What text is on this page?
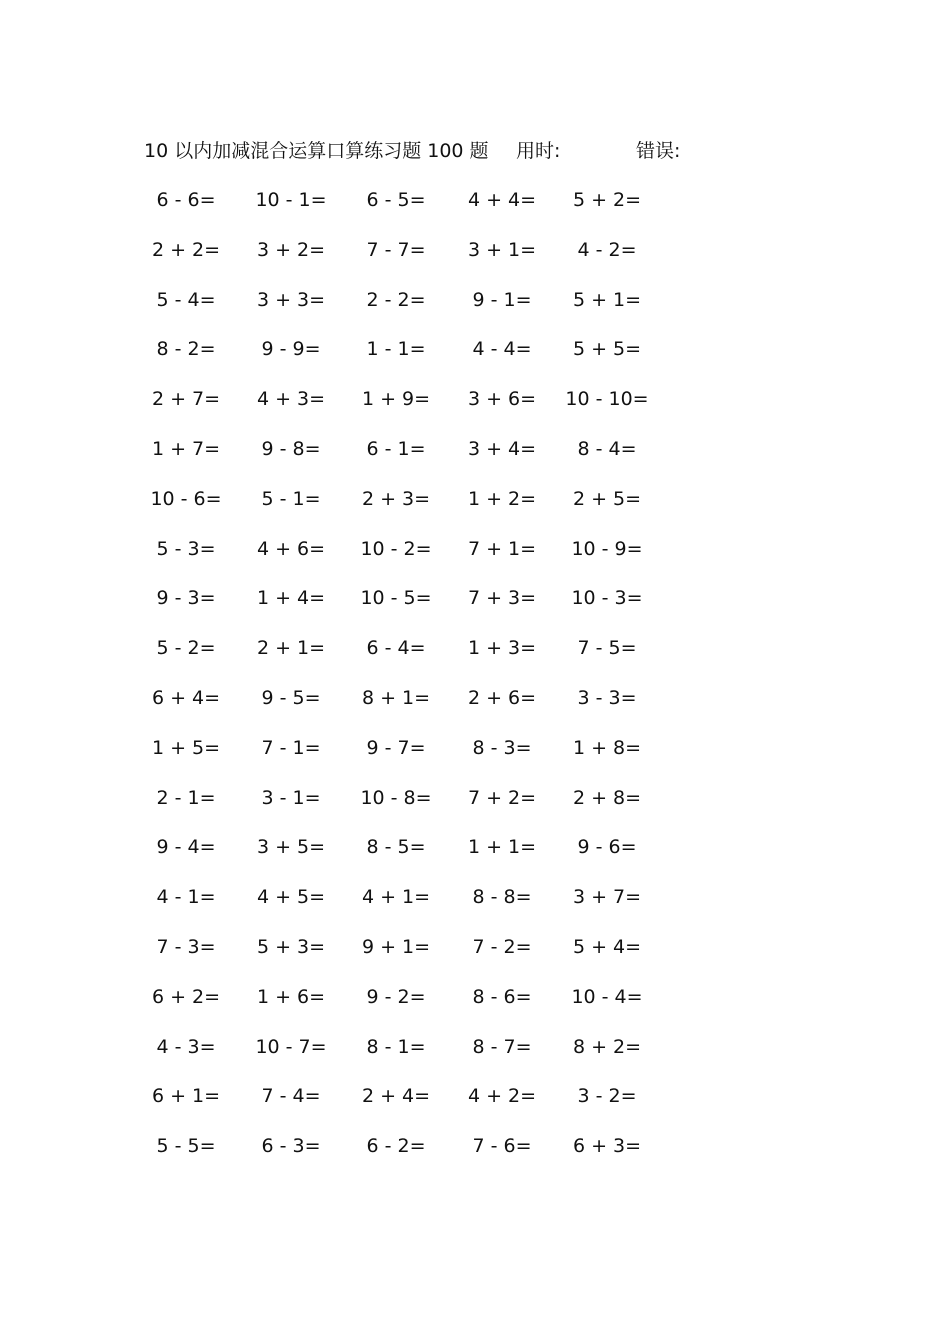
10 以内加减混合运算口算练习题 100 题 用时:	错误:
6 - 6=	10 - 1=	6 - 5=	4 + 4=	5 + 2=
2 + 2=	3 + 2=	7 - 7=	3 + 1=	4 - 2=
5 - 4=	3 + 3=	2 - 2=	9 - 1=	5 + 1=
8 - 2=	9 - 9=	1 - 1=	4 - 4=	5 + 5=
2 + 7=	4 + 3=	1 + 9=	3 + 6=	10 - 10=
1 + 7=	9 - 8=	6 - 1=	3 + 4=	8 - 4=
10 - 6=	5 - 1=	2 + 3=	1 + 2=	2 + 5=
5 - 3=	4 + 6=	10 - 2=	7 + 1=	10 - 9=
9 - 3=	1 + 4=	10 - 5=	7 + 3=	10 - 3=
5 - 2=	2 + 1=	6 - 4=	1 + 3=	7 - 5=
6 + 4=	9 - 5=	8 + 1=	2 + 6=	3 - 3=
1 + 5=	7 - 1=	9 - 7=	8 - 3=	1 + 8=
2 - 1=	3 - 1=	10 - 8=	7 + 2=	2 + 8=
9 - 4=	3 + 5=	8 - 5=	1 + 1=	9 - 6=
4 - 1=	4 + 5=	4 + 1=	8 - 8=	3 + 7=
7 - 3=	5 + 3=	9 + 1=	7 - 2=	5 + 4=
6 + 2=	1 + 6=	9 - 2=	8 - 6=	10 - 4=
4 - 3=	10 - 7=	8 - 1=	8 - 7=	8 + 2=
6 + 1=	7 - 4=	2 + 4=	4 + 2=	3 - 2=
5 - 5=	6 - 3=	6 - 2=	7 - 6=	6 + 3=
